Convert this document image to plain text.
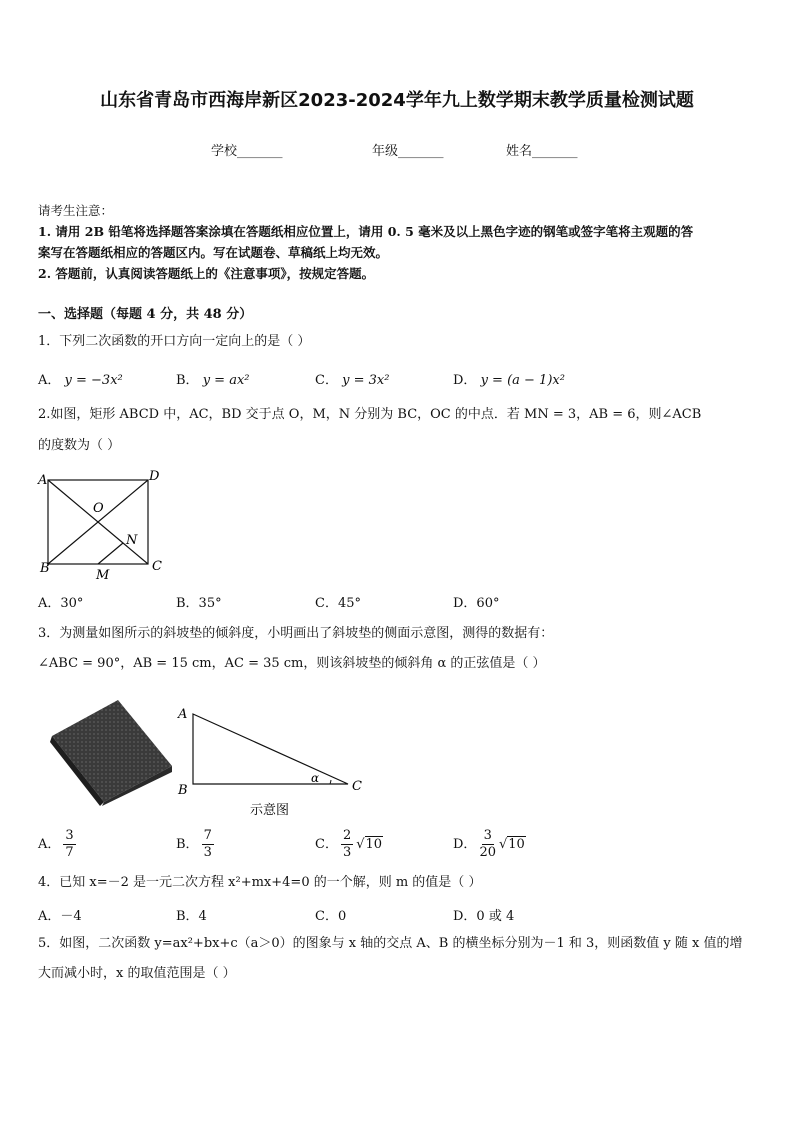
山东省青岛市西海岸新区2023-2024学年九上数学期末教学质量检测试题
学校_______	年级_______	姓名_______
请考生注意：
1. 请用 2B 铅笔将选择题答案涂填在答题纸相应位置上，请用 0. 5 毫米及以上黑色字迹的钢笔或签字笔将主观题的答
案写在答题纸相应的答题区内。写在试题卷、草稿纸上均无效。
2. 答题前，认真阅读答题纸上的《注意事项》，按规定答题。
一、选择题（每题 4 分，共 48 分）
1．下列二次函数的开口方向一定向上的是（ ）
A． y = −3x²	B． y = ax²	C． y = 3x²	D． y = (a − 1)x²
2.如图，矩形 ABCD 中，AC，BD 交于点 O，M，N 分别为 BC，OC 的中点．若 MN = 3，AB = 6，则∠ACB
的度数为（ ）
A	D
O
N
B	C
M
A．30°	B．35°	C．45°	D．60°
3．为测量如图所示的斜坡垫的倾斜度，小明画出了斜坡垫的侧面示意图，测得的数据有：
∠ABC = 90°，AB = 15 cm，AC = 35 cm，则该斜坡垫的倾斜角 α 的正弦值是（ ）
A
B	C
α
示意图
A． $\frac{3}{7}$	B． $\frac{7}{3}$	C． $\frac{2}{3} √10$	D． $\frac{3}{20} √10$
4．已知 x=－2 是一元二次方程 x²+mx+4=0 的一个解，则 m 的值是（ ）
A．－4	B．4	C．0	D．0 或 4
5．如图，二次函数 y=ax²+bx+c（a＞0）的图象与 x 轴的交点 A、B 的横坐标分别为－1 和 3，则函数值 y 随 x 值的增
大而减小时，x 的取值范围是（ ）
